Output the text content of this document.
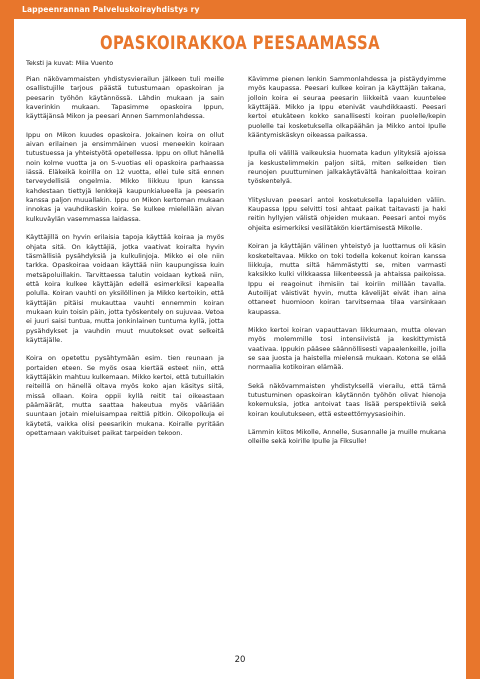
Lappeenrannan Palveluskoirayhdistys ry
OPASKOIRAKKOA PEESAAMASSA
Teksti ja kuvat: Miia Vuento

Pian näkövammaisten yhdistysvierailun jälkeen tuli meille osallistujille tarjous päästä tutustumaan opaskoiran ja peesarin työhön käytännössä. Lähdin mukaan ja sain kaverinkin mukaan. Tapasimme opaskoira Ippun, käyttäjänsä Mikon ja peesari Annen Sammonlahdessa.

Ippu on Mikon kuudes opaskoira. Jokainen koira on ollut aivan erilainen ja ensimmäinen vuosi meneekin koiraan tutustuessa ja yhteistyötä opetellessa. Ippu on ollut hänellä noin kolme vuotta ja on 5-vuotias eli opaskoira parhaassa iässä. Eläkeikä koirilla on 12 vuotta, ellei tule sitä ennen terveydellisiä ongelmia. Mikko liikkuu Ipun kanssa kahdestaan tiettyjä lenkkejä kaupunkialueella ja peesarin kanssa paljon muuallakin. Ippu on Mikon kertoman mukaan innokas ja vauhdikaskin koira. Se kulkee mielellään aivan kulkuväylän vasemmassa laidassa.

Käyttäjillä on hyvin erilaisia tapoja käyttää koiraa ja myös ohjata sitä. On käyttäjiä, jotka vaativat koiralta hyvin täsmällisiä pysähdyksiä ja kulkulinjoja. Mikko ei ole niin tarkka. Opaskoiraa voidaan käyttää niin kaupungissa kuin metsäpoluillakin. Tarvittaessa talutin voidaan kytkeä niin, että koira kulkee käyttäjän edellä esimerkiksi kapealla polulla. Koiran vauhti on yksilöllinen ja Mikko kertoikin, että käyttäjän pitäisi mukauttaa vauhti ennemmin koiran mukaan kuin toisin päin, jotta työskentely on sujuvaa. Vetoa ei juuri saisi tuntua, mutta jonkinlainen tuntuma kyllä, jotta pysähdykset ja vauhdin muut muutokset ovat selkeitä käyttäjälle.

Koira on opetettu pysähtymään esim. tien reunaan ja portaiden eteen. Se myös osaa kiertää esteet niin, että käyttäjäkin mahtuu kulkemaan. Mikko kertoi, että tutuillakin reiteillä on hänellä oltava myös koko ajan käsitys siitä, missä ollaan. Koira oppii kyllä reitit tai oikeastaan päämäärät, mutta saattaa hakeutua myös vääriään suuntaan jotain mieluisampaa reittiä pitkin. Oikopolkuja ei käytetä, vaikka olisi peesarikin mukana. Koiralle pyritään opettamaan vakituiset paikat tarpeiden tekoon.

Kävimme pienen lenkin Sammonlahdessa ja pistäydyimme myös kaupassa. Peesari kulkee koiran ja käyttäjän takana, jolloin koira ei seuraa peesarin liikkeitä vaan kuuntelee käyttäjää. Mikko ja Ippu etenivät vauhdikkaasti. Peesari kertoi etukäteen kokko sanallisesti koiran puolelle/kepin puolelle tai kosketuksella olkapäähän ja Mikko antoi Ipulle kääntymiskäskyn oikeassa paikassa.

Ipulla oli välillä vaikeuksia huomata kadun ylityksiä ajoissa ja keskustelimmekin paljon siitä, miten selkeiden tien reunojen puuttuminen jalkakäytävältä hankaloittaa koiran työskentelyä.

Ylitysluvan peesari antoi kosketuksella lapaluiden väliin. Kaupassa Ippu selvitti tosi ahtaat paikat taitavasti ja haki reitin hyllyjen välistä ohjeiden mukaan. Peesari antoi myös ohjeita esimerkiksi vesilätäkön kiertämisestä Mikolle.

Koiran ja käyttäjän välinen yhteistyö ja luottamus oli käsin kosketeltavaa. Mikko on toki todella kokenut koiran kanssa liikkuja, mutta siltä hämmästytti se, miten varmasti kaksikko kulki vilkkaassa liikenteessä ja ahtaissa paikoissa. Ippu ei reagoinut ihmisiin tai koiriin millään tavalla. Autoilijat väistivät hyvin, mutta kävelijät eivät ihan aina ottaneet huomioon koiran tarvitsemaa tilaa varsinkaan kaupassa.

Mikko kertoi koiran vapauttavan liikkumaan, mutta olevan myös molemmille tosi intensiivistä ja keskittymistä vaativaa. Ippukin pääsee säännöllisesti vapaalenkeille, joilla se saa juosta ja haistella mielensä mukaan. Kotona se elää normaalia kotikoiran elämää.

Sekä näkövammaisten yhdistyksellä vierailu, että tämä tutustuminen opaskoiran käytännön työhön olivat hienoja kokemuksia, jotka antoivat taas lisää perspektiiviä sekä koiran koulutukseen, että esteettömyysasioihin.

Lämmin kiitos Mikolle, Annelle, Susannalle ja muille mukana olleille sekä koirille Ipulle ja Fiksulle!

20
